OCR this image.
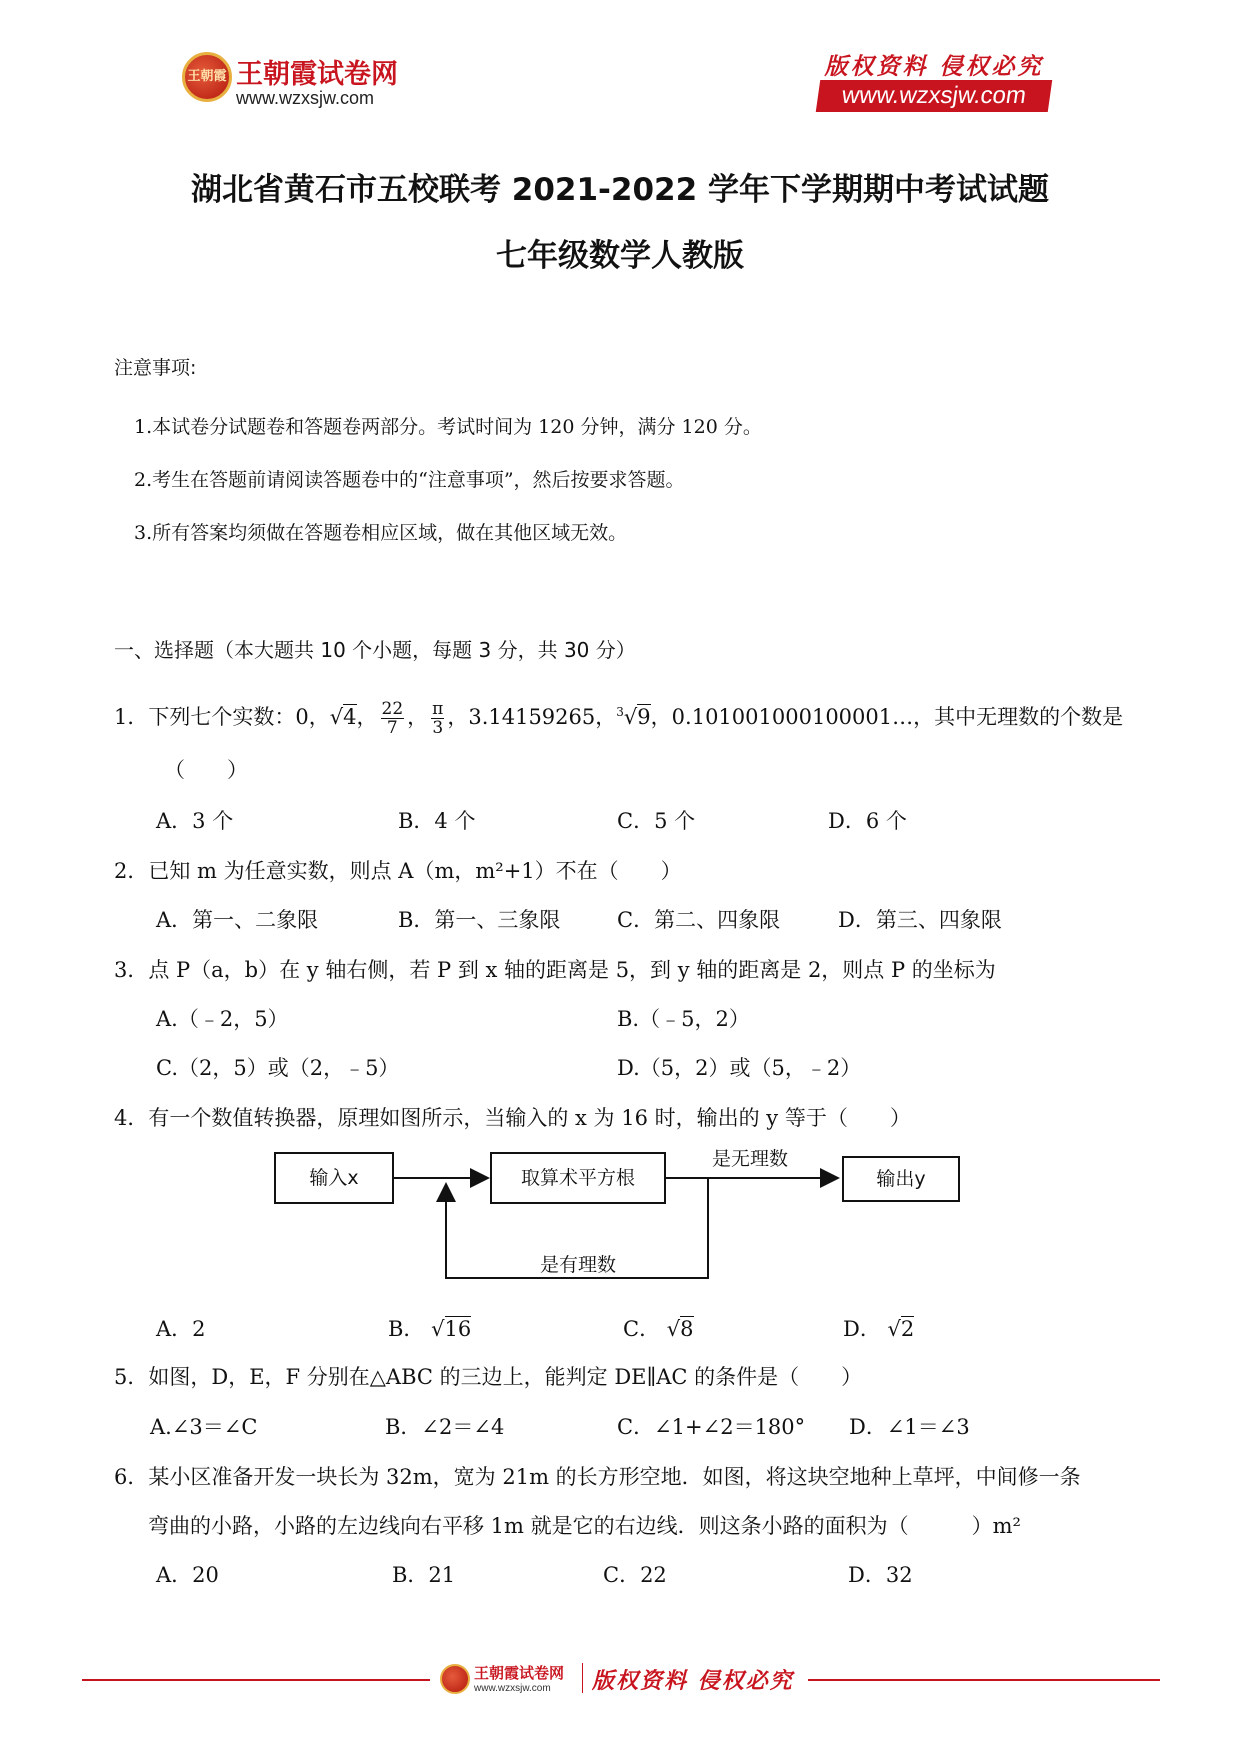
王朝霞 王朝霞试卷网
www.wzxsjw.com
版权资料 侵权必究
www.wzxsjw.com
湖北省黄石市五校联考 2021-2022 学年下学期期中考试试题
七年级数学人教版
注意事项:
1.本试卷分试题卷和答题卷两部分。考试时间为 120 分钟，满分 120 分。
2.考生在答题前请阅读答题卷中的“注意事项”，然后按要求答题。
3.所有答案均须做在答题卷相应区域，做在其他区域无效。
一、选择题（本大题共 10 个小题，每题 3 分，共 30 分）
1．下列七个实数：0，√4， $\frac{22}{7}$ ， $\frac{\pi}{3}$ ，3.14159265，$^3$√9，0.101001000100001…，其中无理数的个数是
（　　）
A．3 个	B．4 个	C．5 个	D．6 个
2．已知 m 为任意实数，则点 A（m，m²+1）不在（　　）
A．第一、二象限	B．第一、三象限	C．第二、四象限	D．第三、四象限
3．点 P（a，b）在 y 轴右侧，若 P 到 x 轴的距离是 5，到 y 轴的距离是 2，则点 P 的坐标为
A.（﹣2，5）	B.（﹣5，2）
C.（2，5）或（2，﹣5）	D.（5，2）或（5，﹣2）
4．有一个数值转换器，原理如图所示，当输入的 x 为 16 时，输出的 y 等于（　　）
输入x	取算术平方根	输出y
是无理数
是有理数
A．2	B． √16	C． √8	D． √2
5．如图，D，E，F 分别在△ABC 的三边上，能判定 DE∥AC 的条件是（　　）
A.∠3＝∠C	B．∠2＝∠4	C．∠1+∠2＝180° D．∠1＝∠3
6．某小区准备开发一块长为 32m，宽为 21m 的长方形空地．如图，将这块空地种上草坪，中间修一条
弯曲的小路，小路的左边线向右平移 1m 就是它的右边线．则这条小路的面积为（　　　）m²
A．20	B．21	C．22	D．32
王朝霞试卷网
www.wzxsjw.com 版权资料 侵权必究
